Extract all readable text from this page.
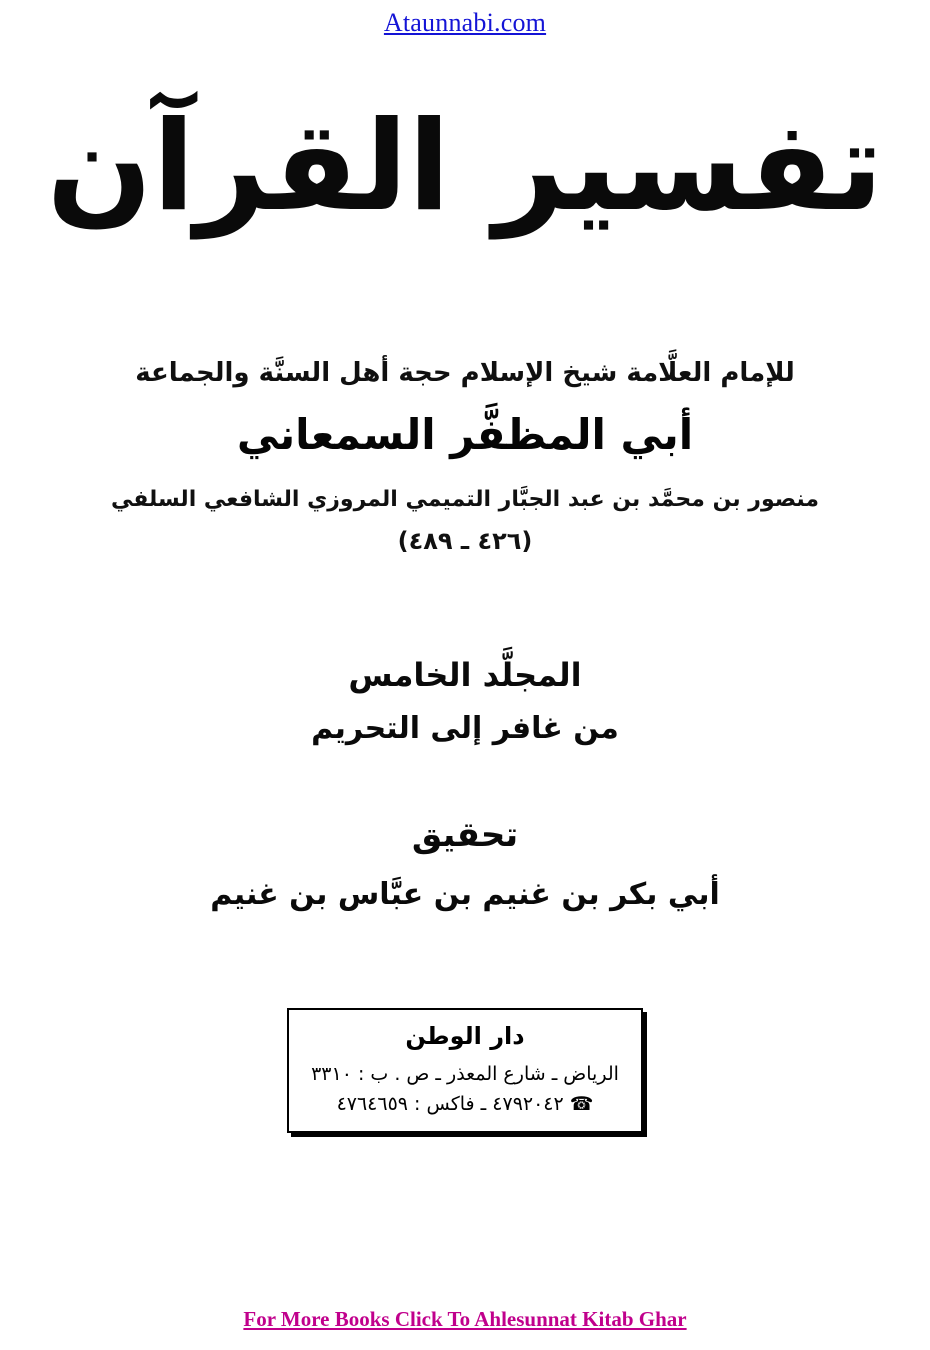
Ataunnabi.com
تفسير القرآن
للإمام العلَّامة شيخ الإسلام حجة أهل السنَّة والجماعة
أبي المظفَّر السمعاني
منصور بن محمَّد بن عبد الجبَّار التميمي المروزي الشافعي السلفي
(٤٢٦ ـ ٤٨٩)
المجلَّد الخامس
من غافر إلى التحريم
تحقيق
أبي بكر بن غنيم بن عبَّاس بن غنيم
دار الوطن
الرياض ـ شارع المعذر ـ ص . ب : ٣٣١٠
☎ ٤٧٩٢٠٤٢ ـ فاكس : ٤٧٦٤٦٥٩
For More Books Click To Ahlesunnat Kitab Ghar
